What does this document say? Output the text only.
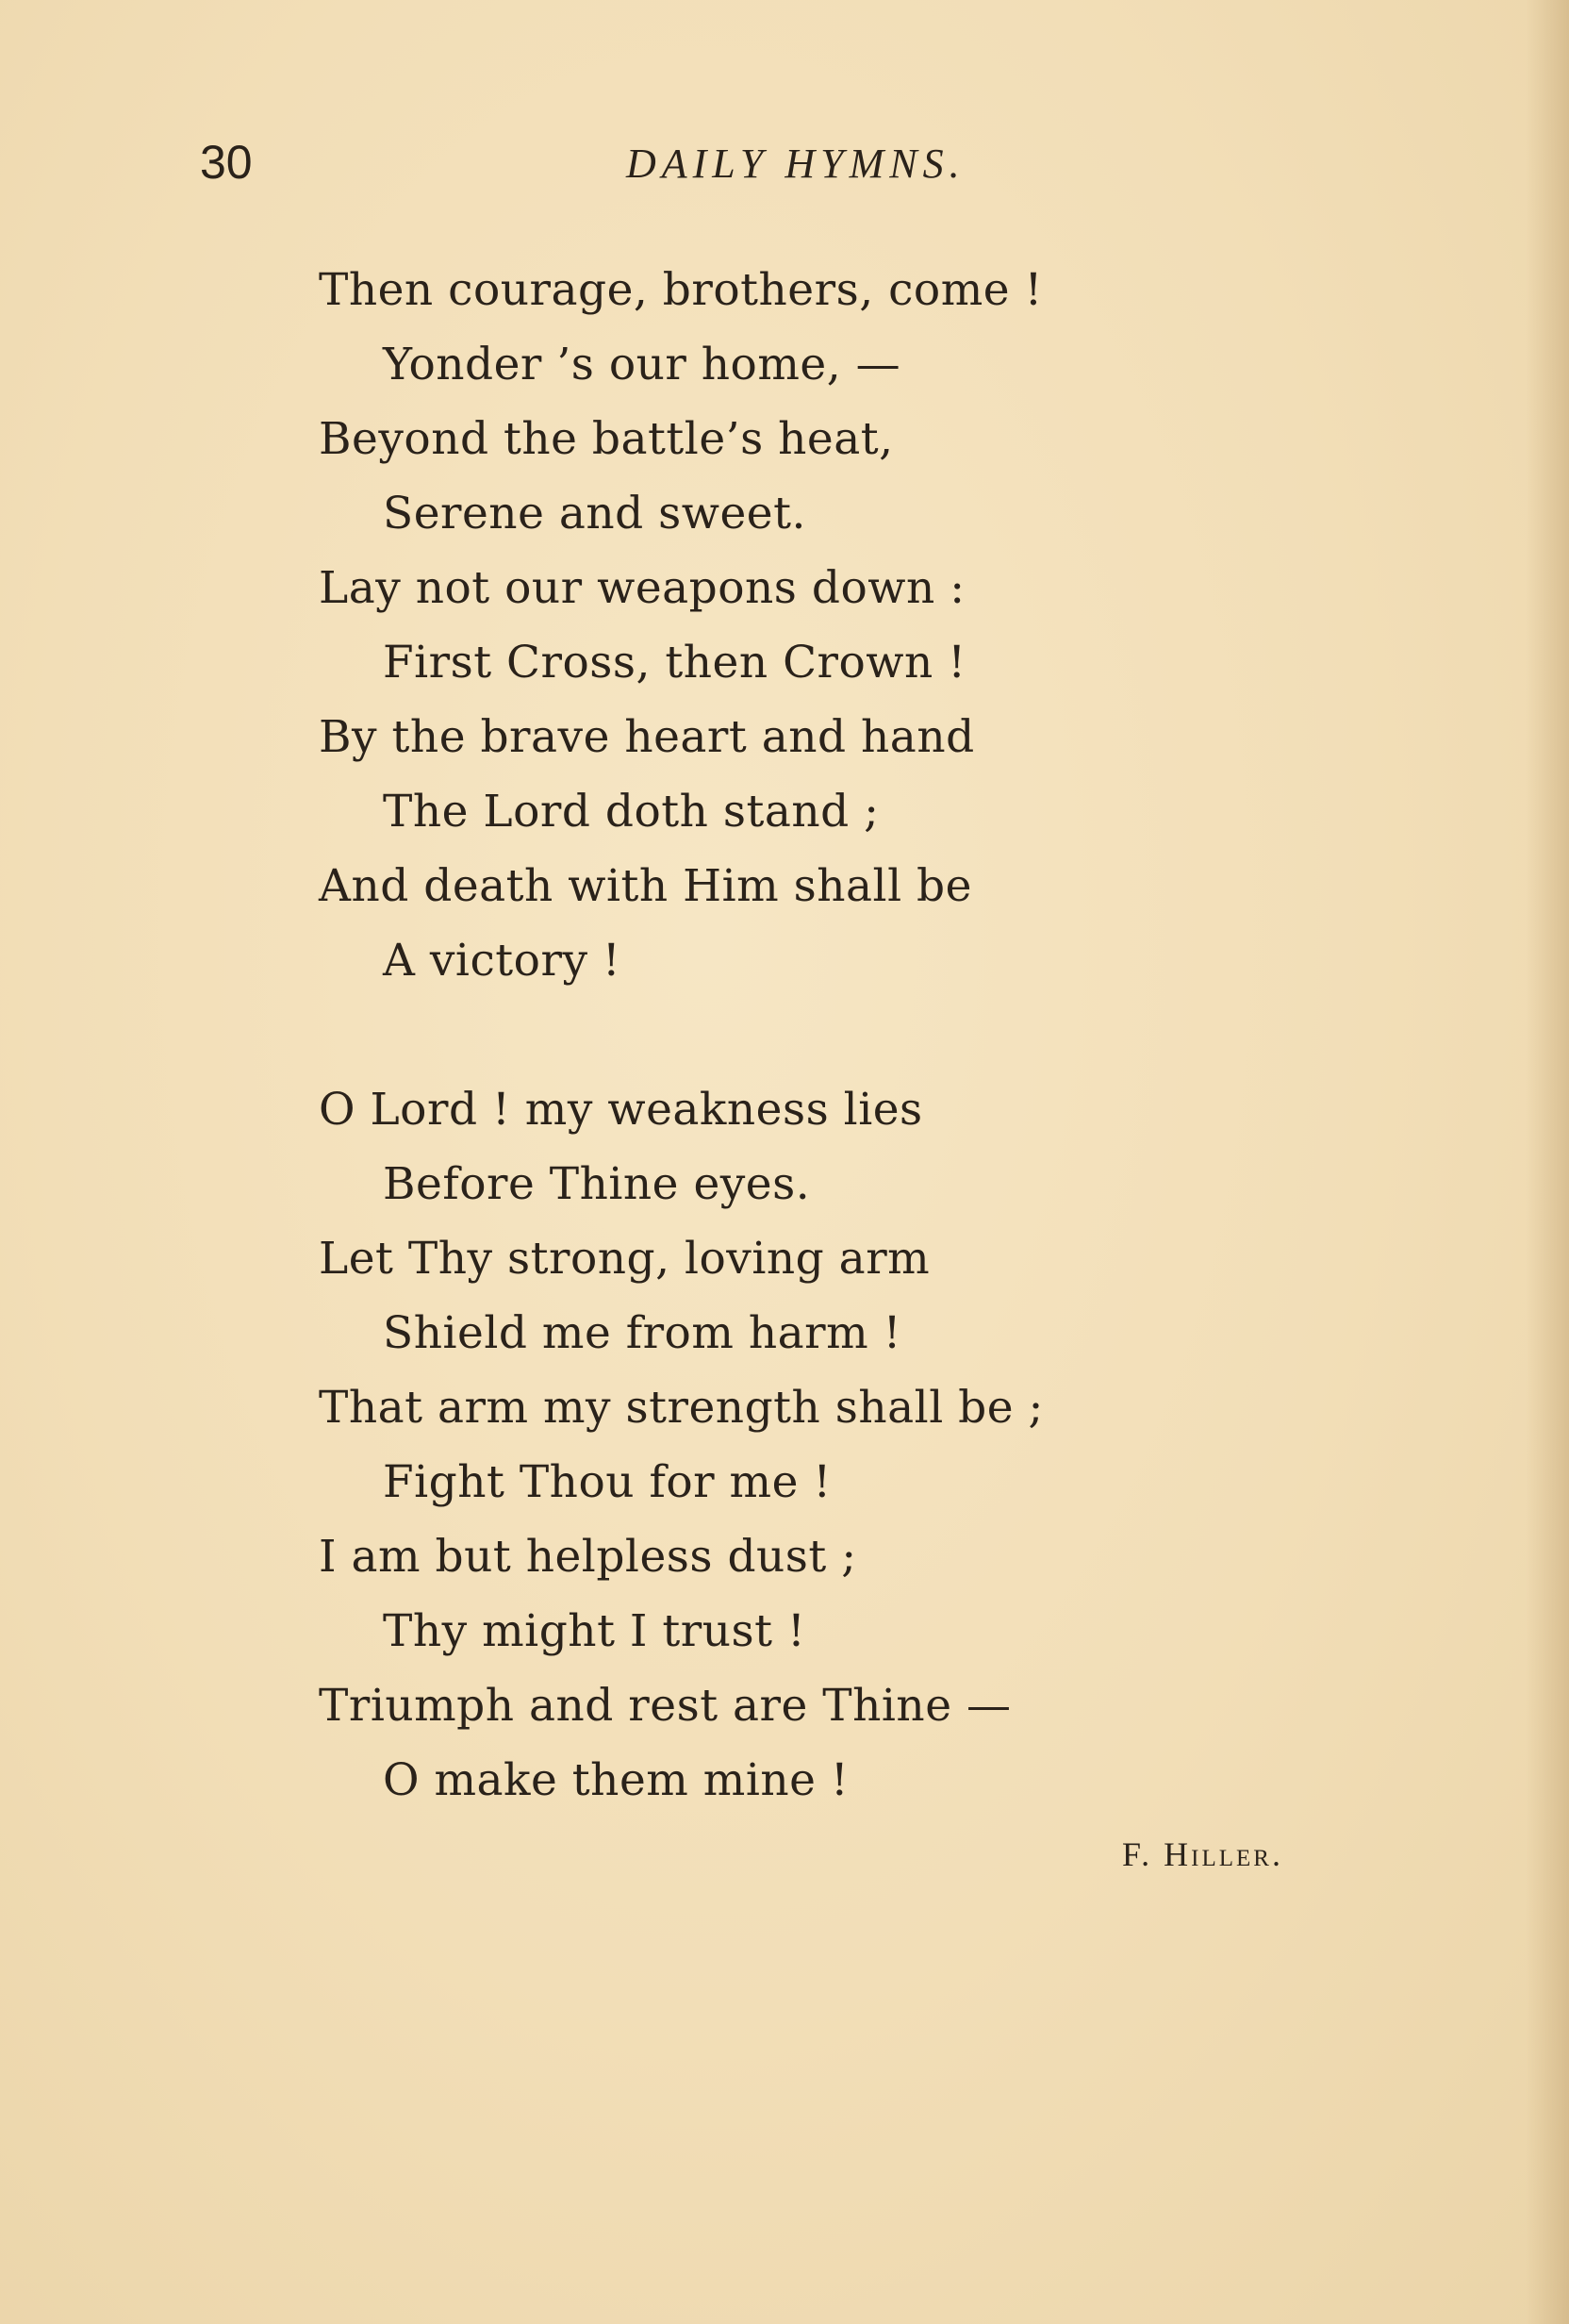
30	DAILY HYMNS.
Then courage, brothers, come !
Yonder ’s our home, —
Beyond the battle’s heat,
Serene and sweet.
Lay not our weapons down :
First Cross, then Crown !
By the brave heart and hand
The Lord doth stand ;
And death with Him shall be
A victory !
O Lord ! my weakness lies
Before Thine eyes.
Let Thy strong, loving arm
Shield me from harm !
That arm my strength shall be ;
Fight Thou for me !
I am but helpless dust ;
Thy might I trust !
Triumph and rest are Thine —
O make them mine !
F. Hiller.
